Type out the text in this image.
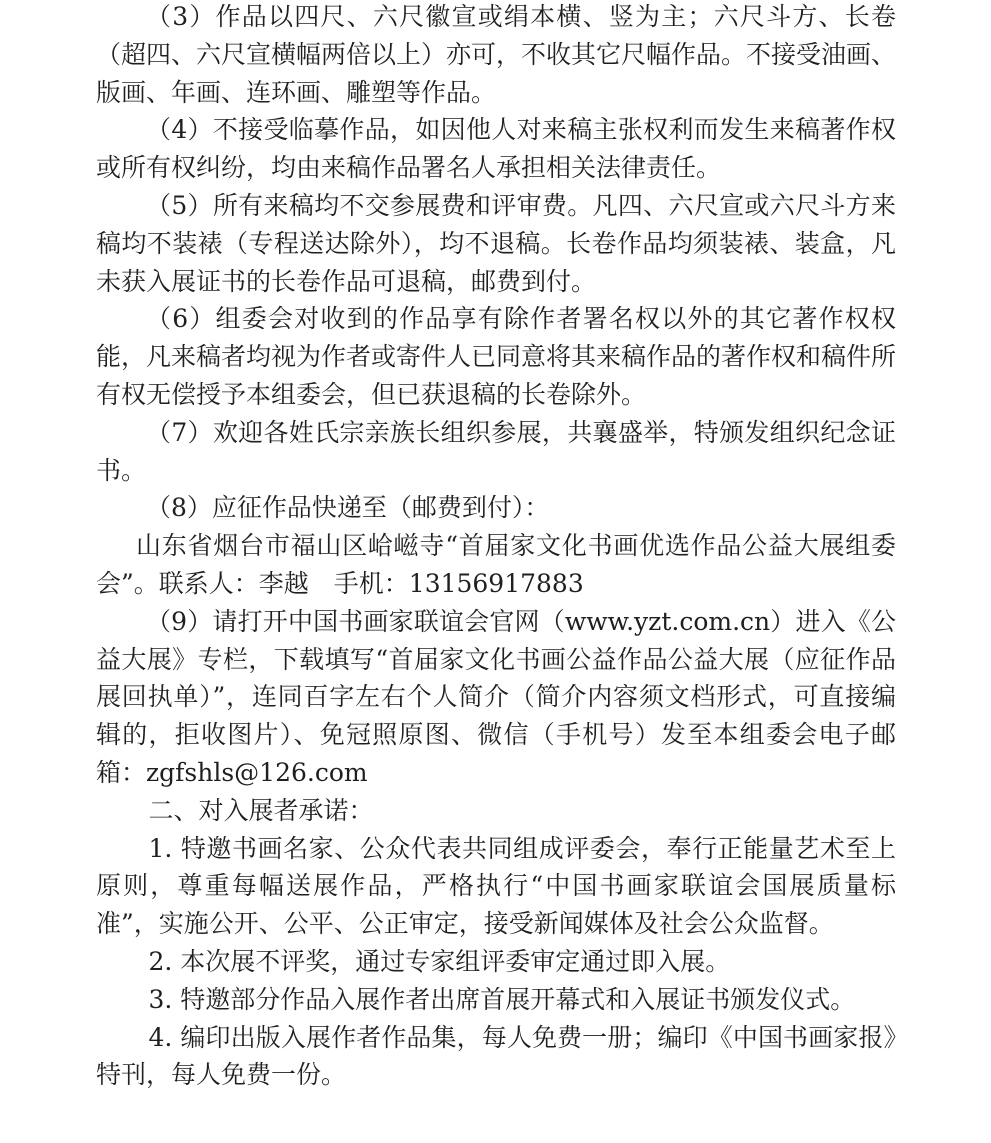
（3）作品以四尺、六尺徽宣或绢本横、竖为主；六尺斗方、长卷（超四、六尺宣横幅两倍以上）亦可，不收其它尺幅作品。不接受油画、版画、年画、连环画、雕塑等作品。

（4）不接受临摹作品，如因他人对来稿主张权利而发生来稿著作权或所有权纠纷，均由来稿作品署名人承担相关法律责任。

（5）所有来稿均不交参展费和评审费。凡四、六尺宣或六尺斗方来稿均不装裱（专程送达除外），均不退稿。长卷作品均须装裱、装盒，凡未获入展证书的长卷作品可退稿，邮费到付。

（6）组委会对收到的作品享有除作者署名权以外的其它著作权权能，凡来稿者均视为作者或寄件人已同意将其来稿作品的著作权和稿件所有权无偿授予本组委会，但已获退稿的长卷除外。

（7）欢迎各姓氏宗亲族长组织参展，共襄盛举，特颁发组织纪念证书。

（8）应征作品快递至（邮费到付）：

山东省烟台市福山区峆嵫寺“首届家文化书画优选作品公益大展组委会”。联系人：李越　手机：13156917883

（9）请打开中国书画家联谊会官网（www.yzt.com.cn）进入《公益大展》专栏，下载填写“首届家文化书画公益作品公益大展（应征作品展回执单）”，连同百字左右个人简介（简介内容须文档形式，可直接编辑的，拒收图片）、免冠照原图、微信（手机号）发至本组委会电子邮箱：zgfshls@126.com

二、对入展者承诺：

1. 特邀书画名家、公众代表共同组成评委会，奉行正能量艺术至上原则，尊重每幅送展作品，严格执行“中国书画家联谊会国展质量标准”，实施公开、公平、公正审定，接受新闻媒体及社会公众监督。

2. 本次展不评奖，通过专家组评委审定通过即入展。

3. 特邀部分作品入展作者出席首展开幕式和入展证书颁发仪式。

4. 编印出版入展作者作品集，每人免费一册；编印《中国书画家报》特刊，每人免费一份。
